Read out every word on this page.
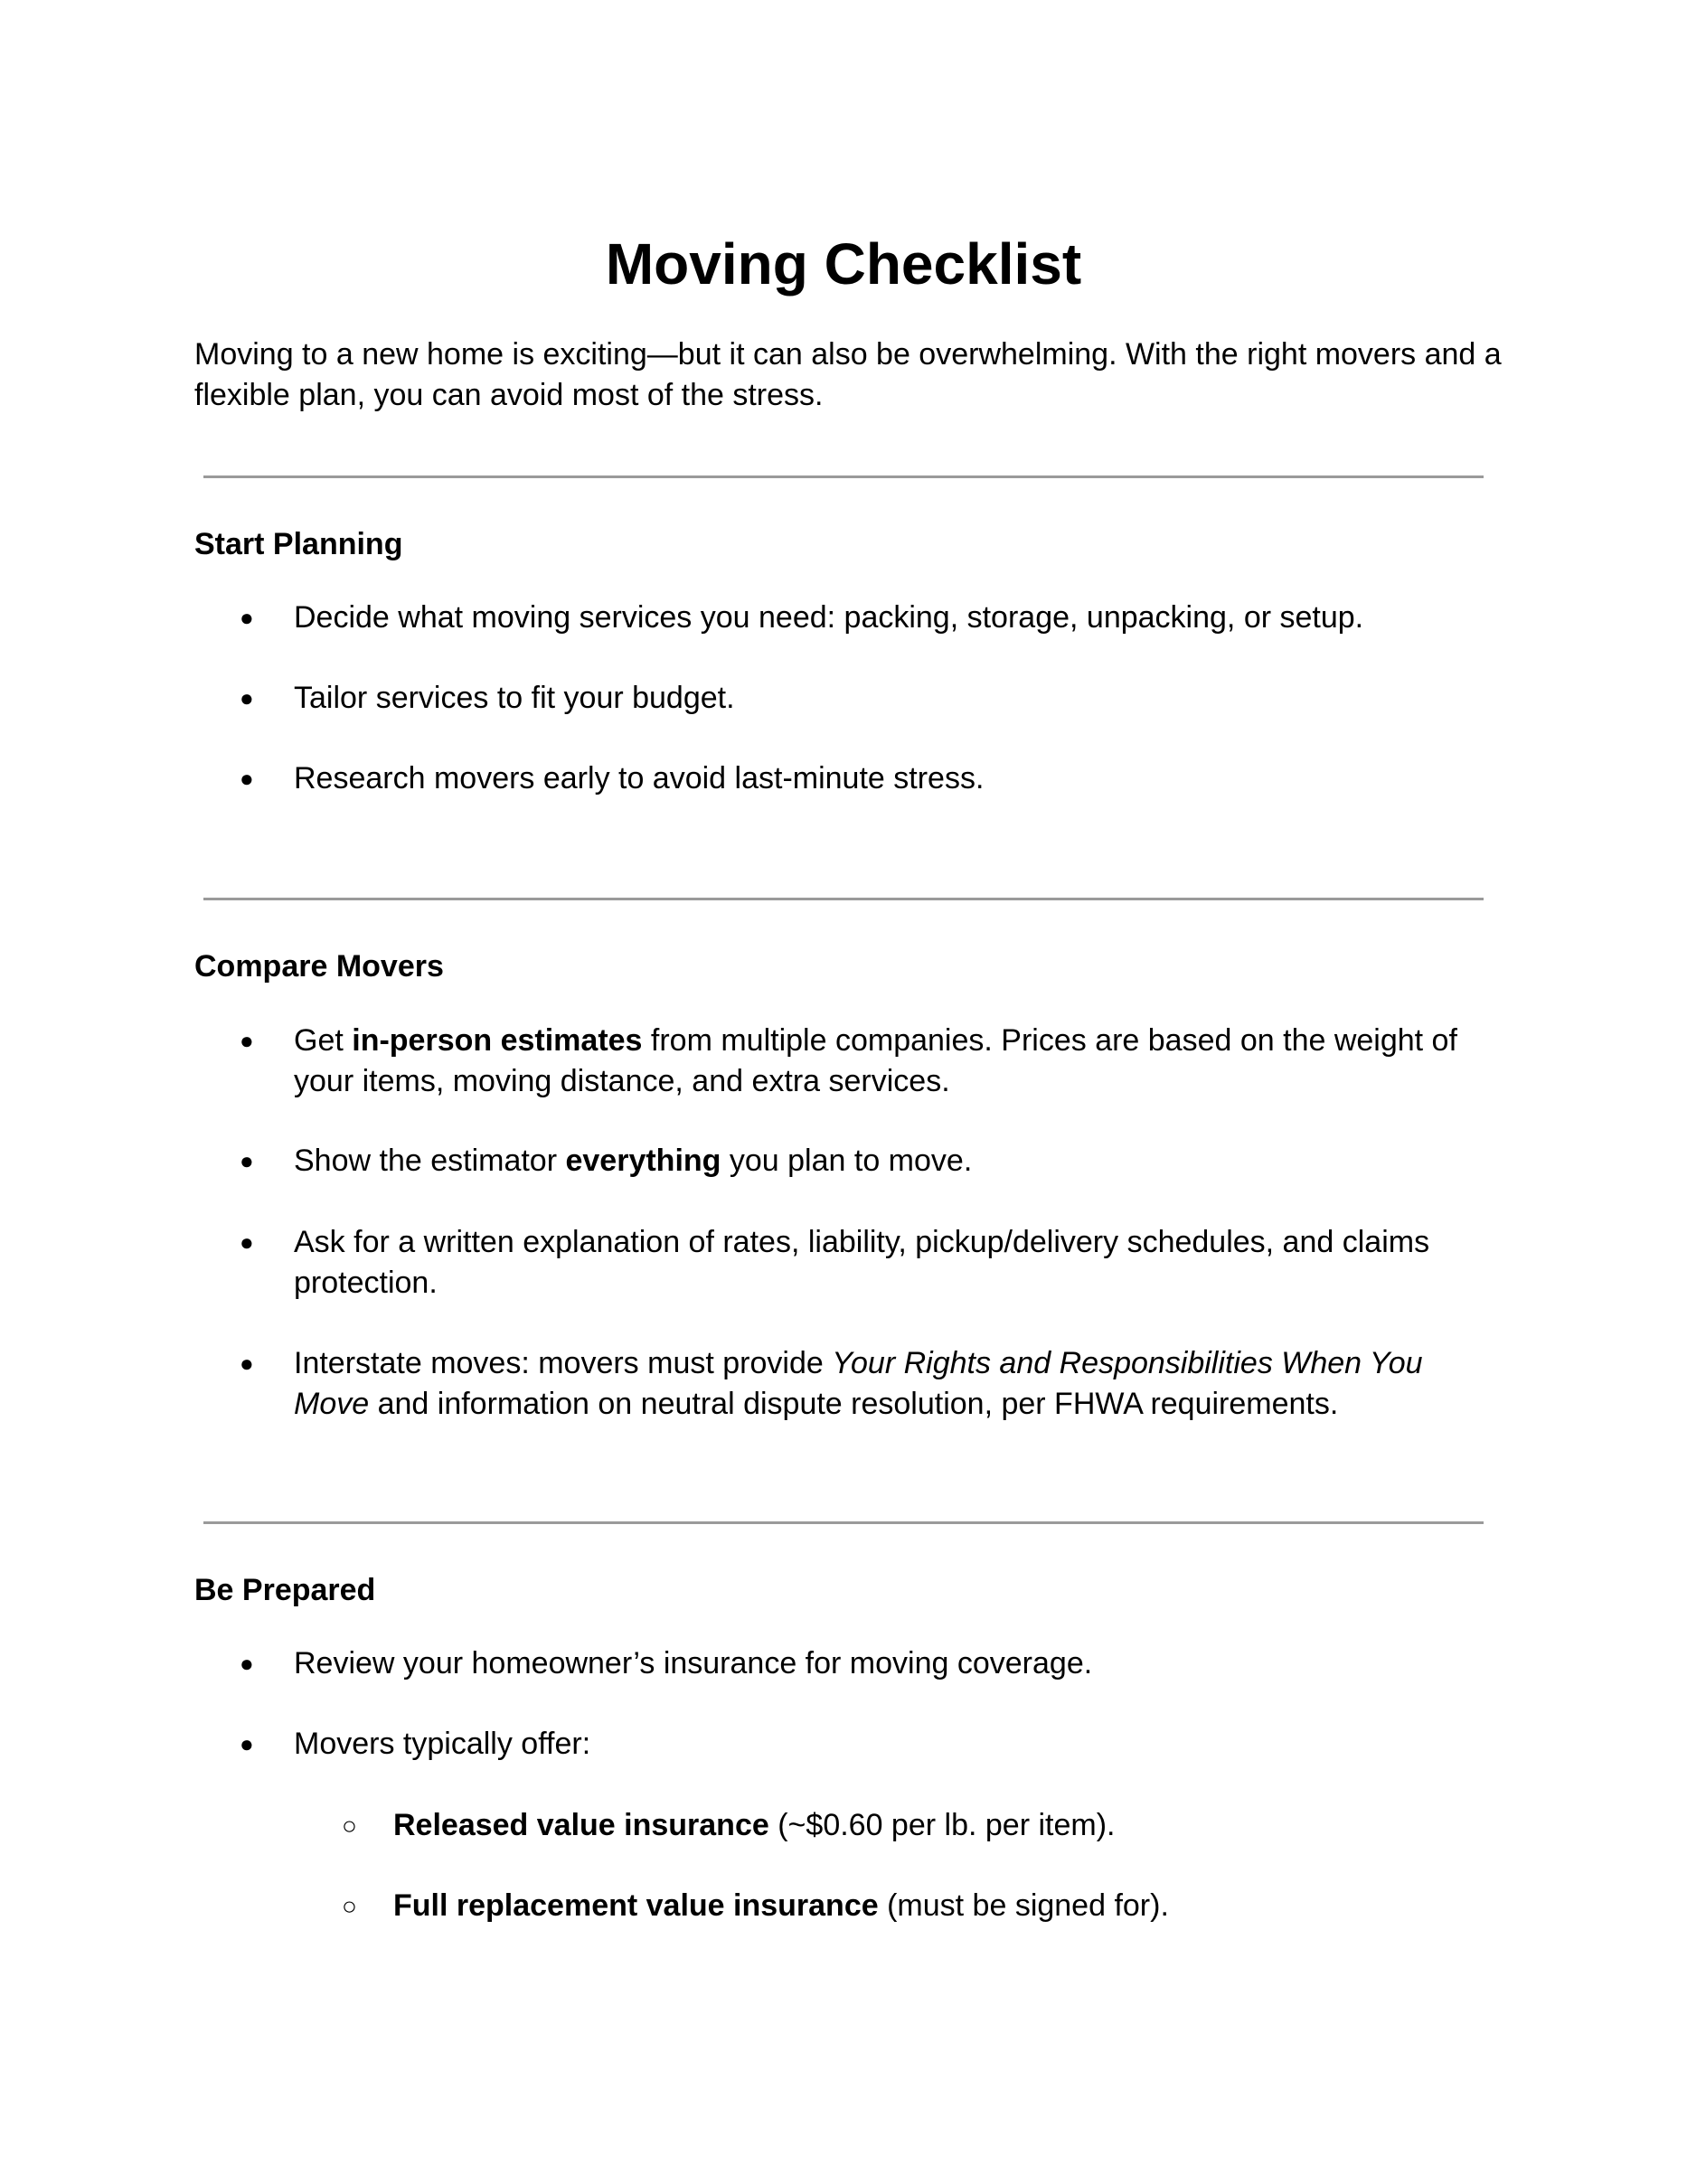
Moving Checklist
Moving to a new home is exciting—but it can also be overwhelming. With the right movers and a flexible plan, you can avoid most of the stress.
Start Planning
● Decide what moving services you need: packing, storage, unpacking, or setup.
● Tailor services to fit your budget.
● Research movers early to avoid last-minute stress.
Compare Movers
● Get in-person estimates from multiple companies. Prices are based on the weight of your items, moving distance, and extra services.
● Show the estimator everything you plan to move.
● Ask for a written explanation of rates, liability, pickup/delivery schedules, and claims protection.
● Interstate moves: movers must provide Your Rights and Responsibilities When You Move and information on neutral dispute resolution, per FHWA requirements.
Be Prepared
● Review your homeowner’s insurance for moving coverage.
● Movers typically offer:
○ Released value insurance (~$0.60 per lb. per item).
○ Full replacement value insurance (must be signed for).
